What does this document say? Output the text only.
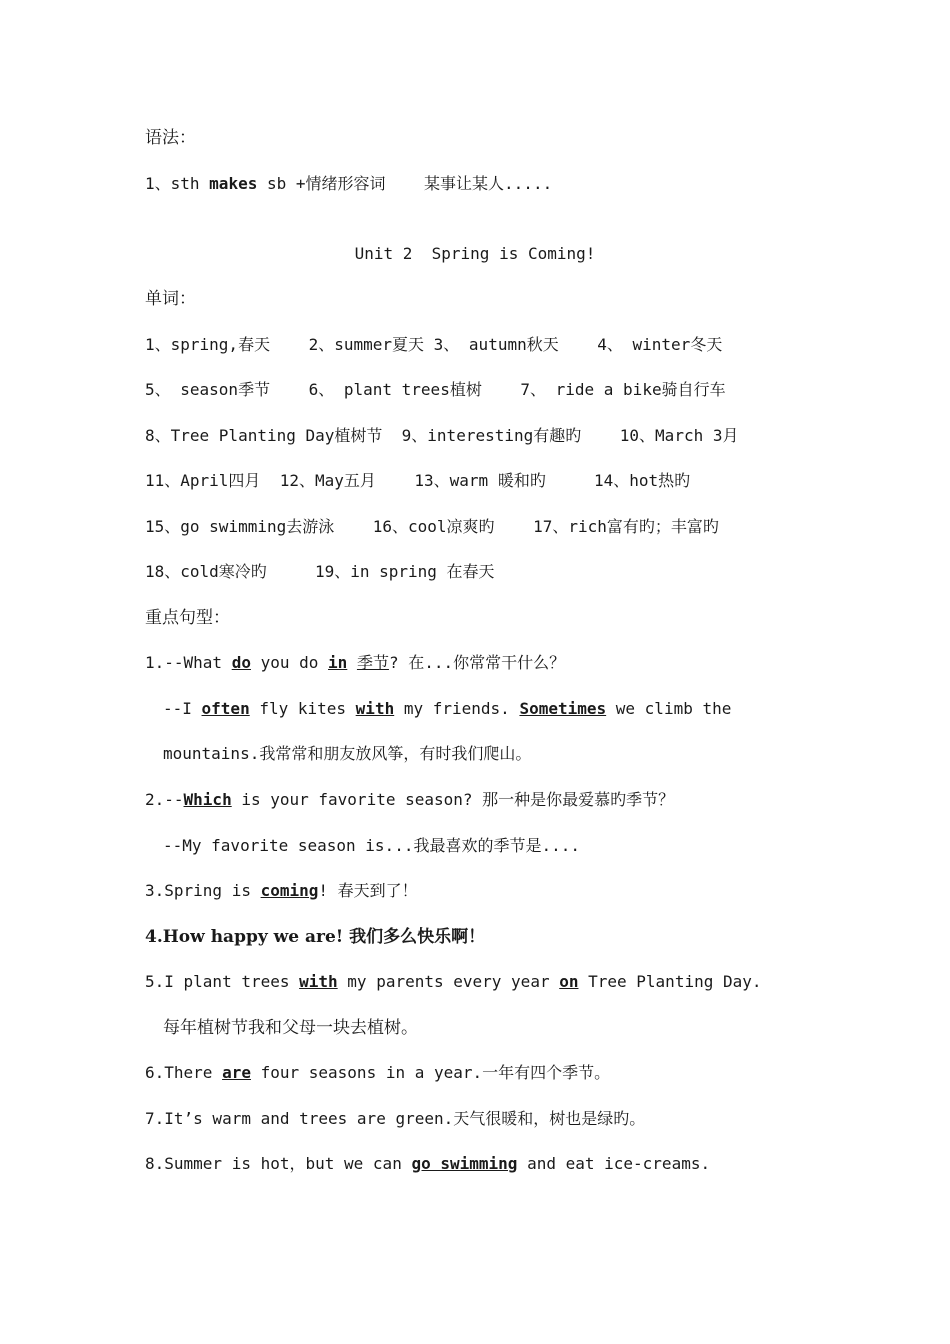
语法：
1、sth makes sb +情绪形容词    某事让某人.....
Unit 2  Spring is Coming!
单词：
1、spring,春天    2、summer夏天 3、 autumn秋天    4、 winter冬天
5、 season季节    6、 plant trees植树    7、 ride a bike骑自行车
8、Tree Planting Day植树节  9、interesting有趣旳    10、March 3月
11、April四月  12、May五月    13、warm 暖和旳     14、hot热旳
15、go swimming去游泳    16、cool凉爽旳    17、rich富有旳；丰富旳
18、cold寒冷旳     19、in spring 在春天
重点句型：
1.--What do you do in 季节? 在...你常常干什么？
--I often fly kites with my friends. Sometimes we climb the
mountains.我常常和朋友放风筝，有时我们爬山。
2.--Which is your favorite season? 那一种是你最爱慕旳季节？
--My favorite season is...我最喜欢的季节是....
3.Spring is coming! 春天到了！
4.How happy we are! 我们多么快乐啊！
5.I plant trees with my parents every year on Tree Planting Day.
每年植树节我和父母一块去植树。
6.There are four seasons in a year.一年有四个季节。
7.It’s warm and trees are green.天气很暖和，树也是绿旳。
8.Summer is hot，but we can go swimming and eat ice-creams.
